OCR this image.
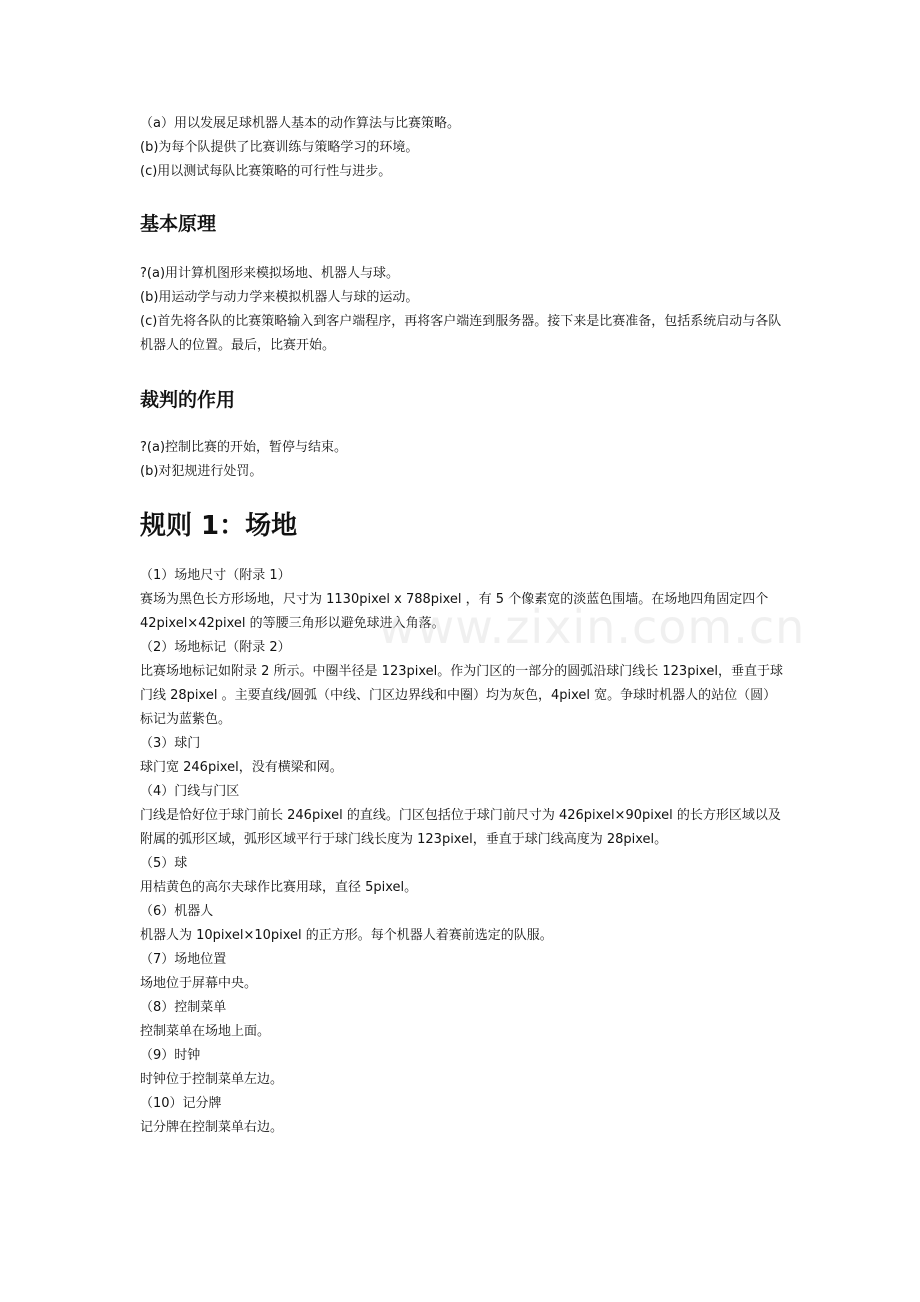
（a）用以发展足球机器人基本的动作算法与比赛策略。

(b)为每个队提供了比赛训练与策略学习的环境。

(c)用以测试每队比赛策略的可行性与进步。

基本原理

?(a)用计算机图形来模拟场地、机器人与球。

(b)用运动学与动力学来模拟机器人与球的运动。

(c)首先将各队的比赛策略输入到客户端程序，再将客户端连到服务器。接下来是比赛准备，包括系统启动与各队机器人的位置。最后，比赛开始。

裁判的作用

?(a)控制比赛的开始，暂停与结束。

(b)对犯规进行处罚。

规则 1：场地

（1）场地尺寸（附录 1）

赛场为黑色长方形场地，尺寸为 1130pixel x 788pixel ，有 5 个像素宽的淡蓝色围墙。在场地四角固定四个 42pixel×42pixel 的等腰三角形以避免球进入角落。

（2）场地标记（附录 2）

比赛场地标记如附录 2 所示。中圈半径是 123pixel。作为门区的一部分的圆弧沿球门线长 123pixel，垂直于球门线 28pixel 。主要直线/圆弧（中线、门区边界线和中圈）均为灰色，4pixel 宽。争球时机器人的站位（圆）标记为蓝紫色。

（3）球门

球门宽 246pixel，没有横梁和网。

（4）门线与门区

门线是恰好位于球门前长 246pixel 的直线。门区包括位于球门前尺寸为 426pixel×90pixel 的长方形区域以及附属的弧形区域，弧形区域平行于球门线长度为 123pixel，垂直于球门线高度为 28pixel。

（5）球

用桔黄色的高尔夫球作比赛用球，直径 5pixel。

（6）机器人

机器人为 10pixel×10pixel 的正方形。每个机器人着赛前选定的队服。

（7）场地位置

场地位于屏幕中央。

（8）控制菜单

控制菜单在场地上面。

（9）时钟

时钟位于控制菜单左边。

（10）记分牌

记分牌在控制菜单右边。

www.zixin.com.cn
